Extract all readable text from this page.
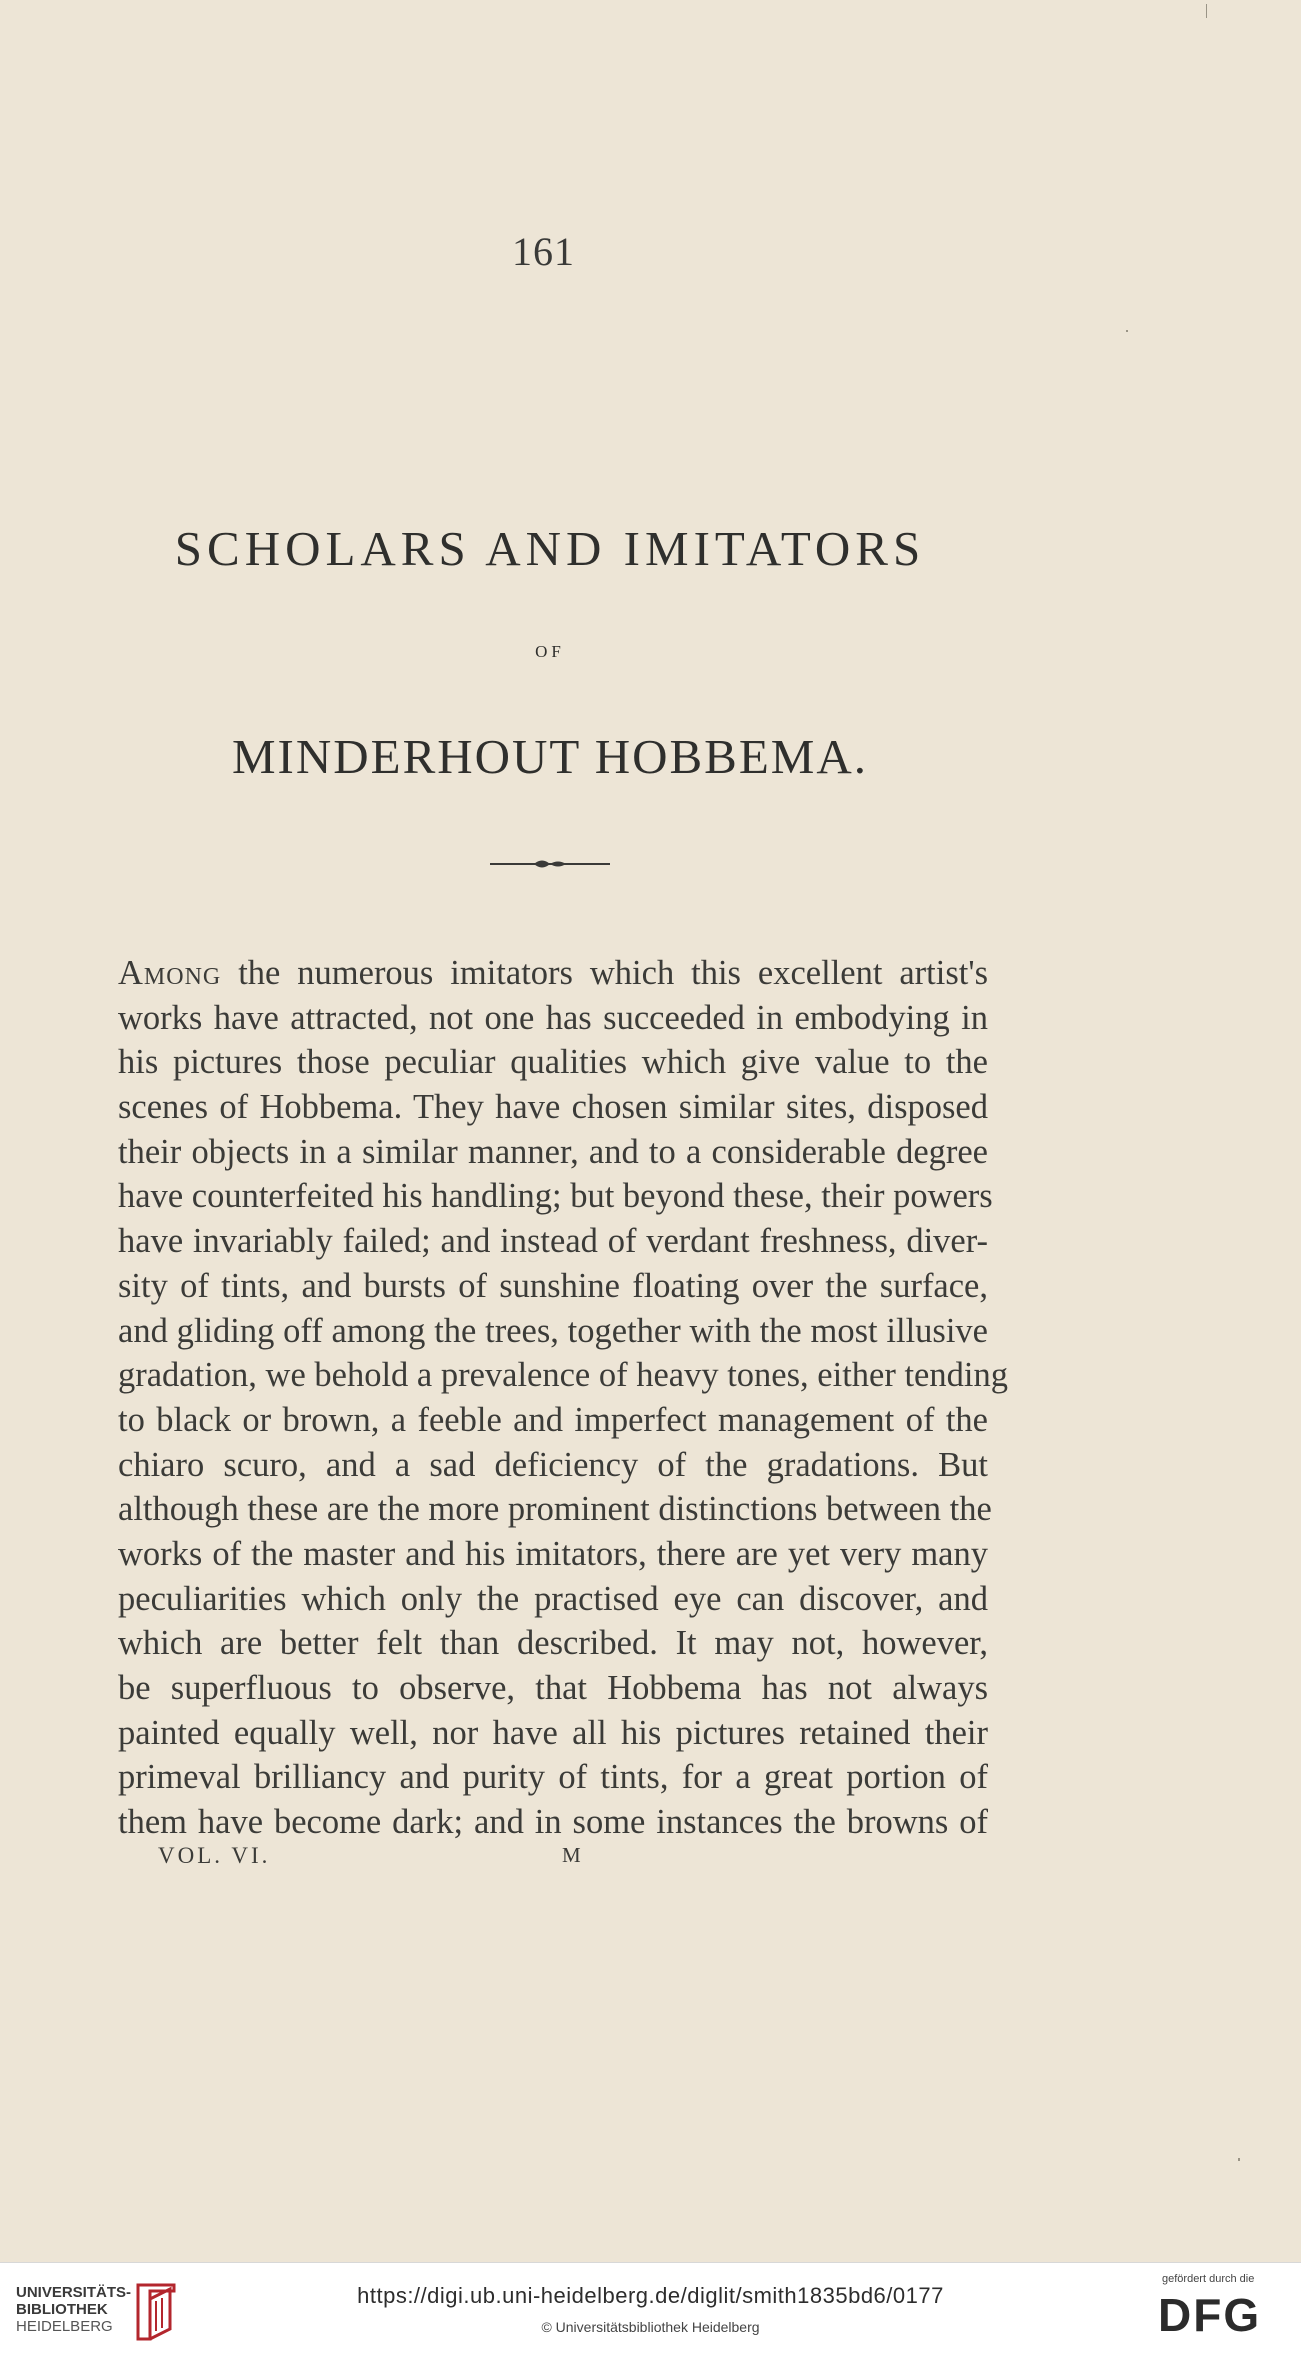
161
SCHOLARS AND IMITATORS
OF
MINDERHOUT HOBBEMA.
Among the numerous imitators which this excellent artist's
works have attracted, not one has succeeded in embodying in
his pictures those peculiar qualities which give value to the
scenes of Hobbema. They have chosen similar sites, disposed
their objects in a similar manner, and to a considerable degree
have counterfeited his handling; but beyond these, their powers
have invariably failed; and instead of verdant freshness, diver-
sity of tints, and bursts of sunshine floating over the surface,
and gliding off among the trees, together with the most illusive
gradation, we behold a prevalence of heavy tones, either tending
to black or brown, a feeble and imperfect management of the
chiaro scuro, and a sad deficiency of the gradations. But
although these are the more prominent distinctions between the
works of the master and his imitators, there are yet very many
peculiarities which only the practised eye can discover, and
which are better felt than described. It may not, however,
be superfluous to observe, that Hobbema has not always
painted equally well, nor have all his pictures retained their
primeval brilliancy and purity of tints, for a great portion of
them have become dark; and in some instances the browns of
VOL. VI.	M
UNIVERSITÄTS-
BIBLIOTHEK
HEIDELBERG
https://digi.ub.uni-heidelberg.de/diglit/smith1835bd6/0177
© Universitätsbibliothek Heidelberg
gefördert durch die
DFG
